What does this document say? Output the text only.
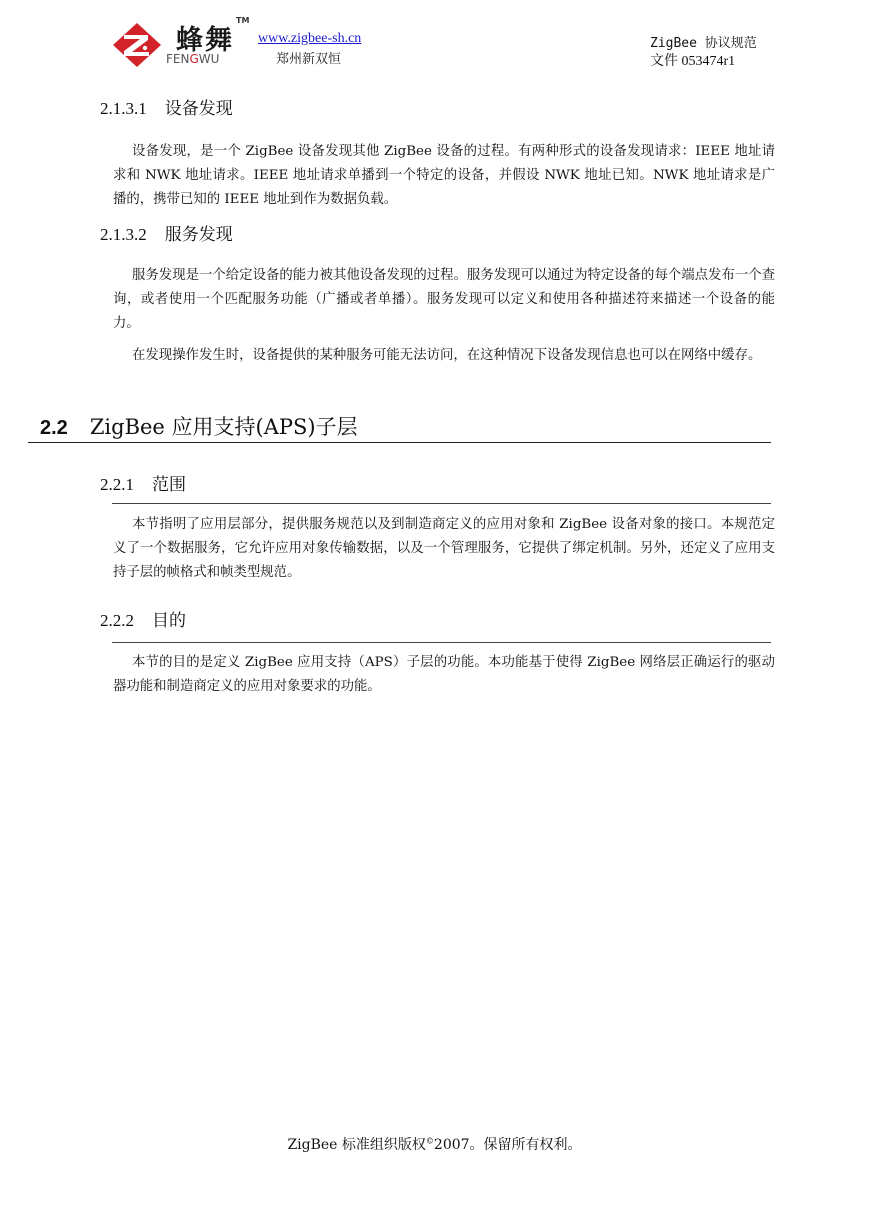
蜂舞
TM
FENGWU
www.zigbee-sh.cn
郑州新双恒
ZigBee 协议规范
文件 053474r1
2.1.3.1 设备发现

设备发现，是一个 ZigBee 设备发现其他 ZigBee 设备的过程。有两种形式的设备发现请求：IEEE 地址请求和 NWK 地址请求。IEEE 地址请求单播到一个特定的设备，并假设 NWK 地址已知。NWK 地址请求是广播的，携带已知的 IEEE 地址到作为数据负载。

2.1.3.2 服务发现

服务发现是一个给定设备的能力被其他设备发现的过程。服务发现可以通过为特定设备的每个端点发布一个查询，或者使用一个匹配服务功能（广播或者单播）。服务发现可以定义和使用各种描述符来描述一个设备的能力。

在发现操作发生时，设备提供的某种服务可能无法访问，在这种情况下设备发现信息也可以在网络中缓存。

2.2 ZigBee 应用支持(APS)子层
2.2.1 范围

本节指明了应用层部分，提供服务规范以及到制造商定义的应用对象和 ZigBee 设备对象的接口。本规范定义了一个数据服务，它允许应用对象传输数据，以及一个管理服务，它提供了绑定机制。另外，还定义了应用支持子层的帧格式和帧类型规范。

2.2.2 目的

本节的目的是定义 ZigBee 应用支持（APS）子层的功能。本功能基于使得 ZigBee 网络层正确运行的驱动器功能和制造商定义的应用对象要求的功能。

ZigBee 标准组织版权©2007。保留所有权利。
